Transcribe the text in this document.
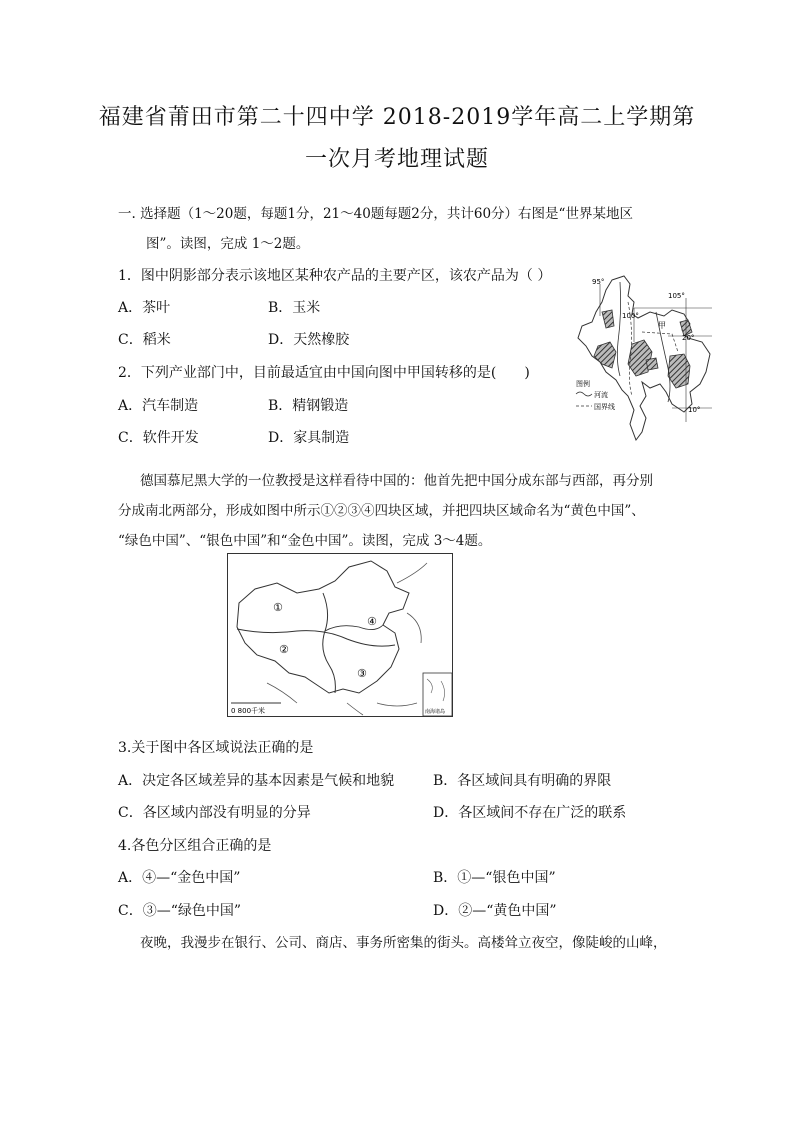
福建省莆田市第二十四中学 2018-2019学年高二上学期第
一次月考地理试题
一. 选择题（1～20题，每题1分，21～40题每题2分，共计60分）右图是“世界某地区
图”。读图，完成 1～2题。
1．图中阴影部分表示该地区某种农产品的主要产区，该农产品为（ ）
A．茶叶	B．玉米
C．稻米	D．天然橡胶
2．下列产业部门中，目前最适宜由中国向图中甲国转移的是(　　)
A．汽车制造	B．精钢锻造
C．软件开发	D．家具制造
95°
100°
105°
20°
10°
甲
图例
河流
国界线
德国慕尼黑大学的一位教授是这样看待中国的：他首先把中国分成东部与西部，再分别
分成南北两部分，形成如图中所示①②③④四块区域，并把四块区域命名为“黄色中国”、
“绿色中国”、“银色中国”和“金色中国”。读图，完成 3～4题。
①
②
③
④
0 800千米	南海诸岛
3.关于图中各区域说法正确的是
A．决定各区域差异的基本因素是气候和地貌	B．各区域间具有明确的界限
C．各区域内部没有明显的分异	D．各区域间不存在广泛的联系
4.各色分区组合正确的是
A．④—“金色中国”	B．①—“银色中国”
C．③—“绿色中国”	D．②—“黄色中国”
夜晚，我漫步在银行、公司、商店、事务所密集的街头。高楼耸立夜空，像陡峻的山峰，
